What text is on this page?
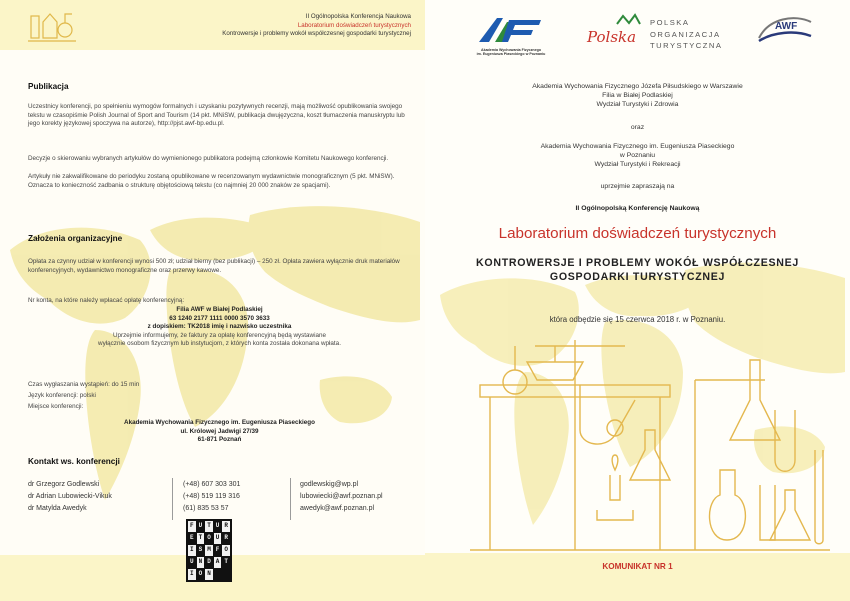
II Ogólnopolska Konferencja Naukowa
Laboratorium doświadczeń turystycznych
Kontrowersje i problemy wokół współczesnej gospodarki turystycznej
Publikacja
Uczestnicy konferencji, po spełnieniu wymogów formalnych i uzyskaniu pozytywnych recenzji, mają możliwość opublikowania swojego tekstu w czasopiśmie Polish Journal of Sport and Tourism (14 pkt. MNiSW, publikacja dwujęzyczna, koszt tłumaczenia manuskryptu lub jego korekty językowej spoczywa na autorze), http://pjst.awf-bp.edu.pl.
Decyzje o skierowaniu wybranych artykułów do wymienionego publikatora podejmą członkowie Komitetu Naukowego konferencji.
Artykuły nie zakwalifikowane do periodyku zostaną opublikowane w recenzowanym wydawnictwie monograficznym (5 pkt. MNiSW). Oznacza to konieczność zadbania o strukturę objętościową tekstu (co najmniej 20 000 znaków ze spacjami).
Założenia organizacyjne
Opłata za czynny udział w konferencji wynosi 500 zł; udział bierny (bez publikacji) – 250 zł. Opłata zawiera wyłącznie druk materiałów konferencyjnych, wydawnictwo monograficzne oraz przerwy kawowe.
Nr konta, na które należy wpłacać opłatę konferencyjną:
Filia AWF w Białej Podlaskiej
63 1240 2177 1111 0000 3570 3633
z dopiskiem: TK2018 imię i nazwisko uczestnika
Uprzejmie informujemy, że faktury za opłatę konferencyjną będą wystawiane
wyłącznie osobom fizycznym lub instytucjom, z których konta została dokonana wpłata.
Czas wygłaszania wystąpień: do 15 min
Język konferencji: polski
Miejsce konferencji:
Akademia Wychowania Fizycznego im. Eugeniusza Piaseckiego
ul. Królowej Jadwigi 27/39
61-871 Poznań
Kontakt ws. konferencji
dr Grzegorz Godlewski
dr Adrian Lubowiecki-Vikuk
dr Matylda Awedyk
(+48) 607 303 301
(+48) 519 119 316
(61) 835 53 57
godlewskig@wp.pl
lubowiecki@awf.poznan.pl
awedyk@awf.poznan.pl
F U T U R
E T O U R
I S M F O
U N D A T
I O N
Akademia Wychowania Fizycznego
im. Eugeniusza Piaseckiego w Poznaniu
Polska
POLSKA
ORGANIZACJA
TURYSTYCZNA
AWF
Akademia Wychowania Fizycznego Józefa Piłsudskiego w Warszawie
Filia w Białej Podlaskiej
Wydział Turystyki i Zdrowia
oraz
Akademia Wychowania Fizycznego im. Eugeniusza Piaseckiego
w Poznaniu
Wydział Turystyki i Rekreacji
uprzejmie zapraszają na
II Ogólnopolską Konferencję Naukową
Laboratorium doświadczeń turystycznych
KONTROWERSJE I PROBLEMY WOKÓŁ WSPÓŁCZESNEJ
GOSPODARKI TURYSTYCZNEJ
która odbędzie się 15 czerwca 2018 r. w Poznaniu.
KOMUNIKAT NR 1
